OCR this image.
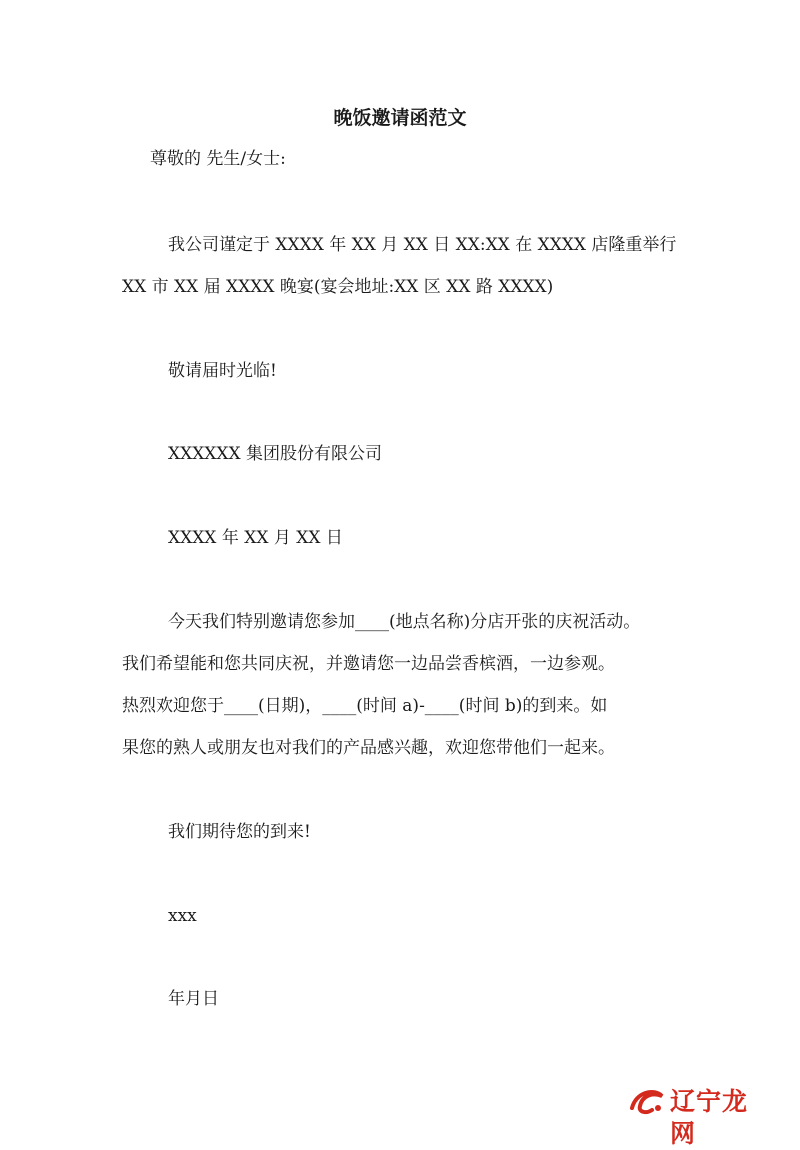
晚饭邀请函范文
尊敬的 先生/女士:
我公司谨定于 XXXX 年 XX 月 XX 日 XX:XX 在 XXXX 店隆重举行
XX 市 XX 届 XXXX 晚宴(宴会地址:XX 区 XX 路 XXXX)
敬请届时光临!
XXXXXX 集团股份有限公司
XXXX 年 XX 月 XX 日
今天我们特别邀请您参加____(地点名称)分店开张的庆祝活动。
我们希望能和您共同庆祝，并邀请您一边品尝香槟酒，一边参观。
热烈欢迎您于____(日期)，____(时间 a)-____(时间 b)的到来。如
果您的熟人或朋友也对我们的产品感兴趣，欢迎您带他们一起来。
我们期待您的到来!
xxx
年月日
辽宁龙网
